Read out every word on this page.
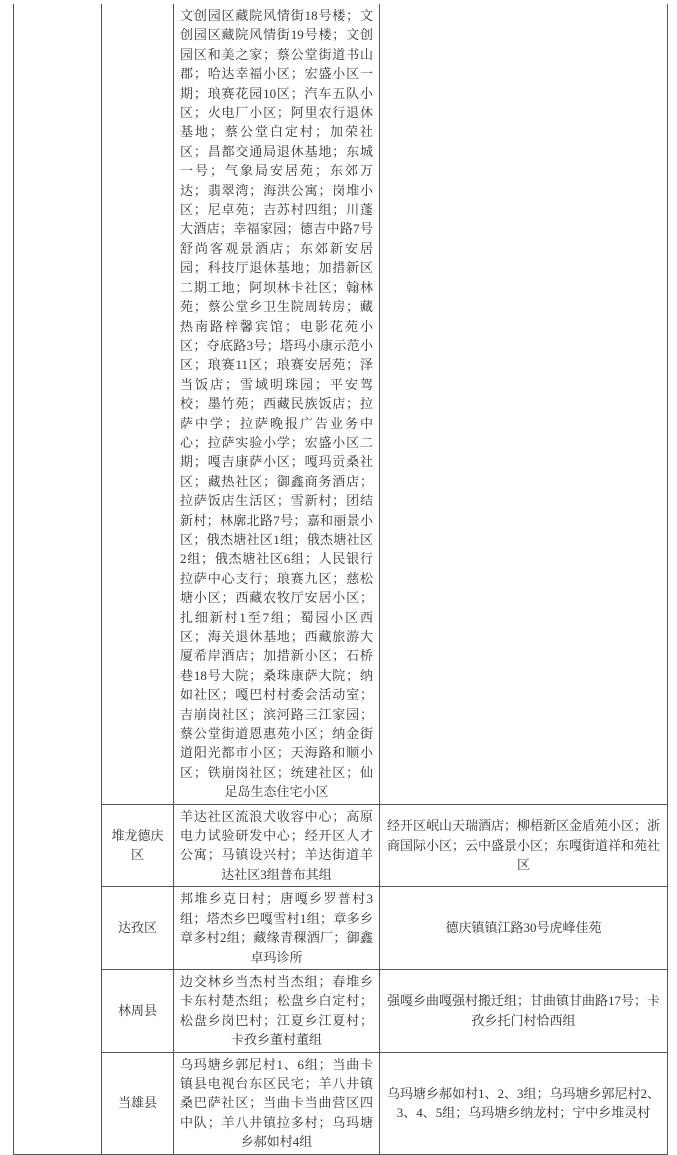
		文创园区藏院风情街18号楼；文创园区藏院风情街19号楼；文创园区和美之家；蔡公堂街道书山郡；哈达幸福小区；宏盛小区一期；琅赛花园10区；汽车五队小区；火电厂小区；阿里农行退休基地；蔡公堂白定村；加荣社区；昌都交通局退休基地；东城一号；气象局安居苑；东郊万达；翡翠湾；海洪公寓；岗堆小区；尼卓苑；吉苏村四组；川蓬大酒店；幸福家园；德吉中路7号舒尚客观景酒店；东郊新安居园；科技厅退休基地；加措新区二期工地；阿坝林卡社区；翰林苑；蔡公堂乡卫生院周转房；藏热南路梓馨宾馆；电影花苑小区；夺底路3号；塔玛小康示范小区；琅赛11区；琅赛安居苑；泽当饭店；雪域明珠园；平安驾校；墨竹苑；西藏民族饭店；拉萨中学；拉萨晚报广告业务中心；拉萨实验小学；宏盛小区二期；嘎吉康萨小区；嘎玛贡桑社区；藏热社区；御鑫商务酒店；拉萨饭店生活区；雪新村；团结新村；林廓北路7号；嘉和丽景小区；俄杰塘社区1组；俄杰塘社区2组；俄杰塘社区6组；人民银行拉萨中心支行；琅赛九区；慈松塘小区；西藏农牧厅安居小区；扎细新村1至7组；蜀园小区西区；海关退休基地；西藏旅游大厦希岸酒店；加措新小区；石桥巷18号大院；桑珠康萨大院；纳如社区；嘎巴村村委会活动室；吉崩岗社区；滨河路三江家园；蔡公堂街道恩惠苑小区；纳金街道阳光都市小区；天海路和顺小区；铁崩岗社区；统建社区；仙足岛生态住宅小区	
	堆龙德庆区	羊达社区流浪犬收容中心；高原电力试验研发中心；经开区人才公寓；马镇设兴村；羊达街道羊达社区3组普布其组	经开区岷山天瑞酒店；柳梧新区金盾苑小区；浙商国际小区；云中盛景小区；东嘎街道祥和苑社区
	达孜区	邦堆乡克日村；唐嘎乡罗普村3组；塔杰乡巴嘎雪村1组；章多乡章多村2组；藏缘青稞酒厂；御鑫卓玛诊所	德庆镇镇江路30号虎峰佳苑
	林周县	边交林乡当杰村当杰组；春堆乡卡东村楚杰组；松盘乡白定村；松盘乡岗巴村；江夏乡江夏村；卡孜乡董村董组	强嘎乡曲嘎强村搬迁组；甘曲镇甘曲路17号；卡孜乡托门村恰西组
	当雄县	乌玛塘乡郭尼村1、6组；当曲卡镇县电视台东区民宅；羊八井镇桑巴萨社区；当曲卡当曲营区四中队；羊八井镇拉多村；乌玛塘乡郝如村4组	乌玛塘乡郝如村1、2、3组；乌玛塘乡郭尼村2、3、4、5组；乌玛塘乡纳龙村；宁中乡堆灵村
